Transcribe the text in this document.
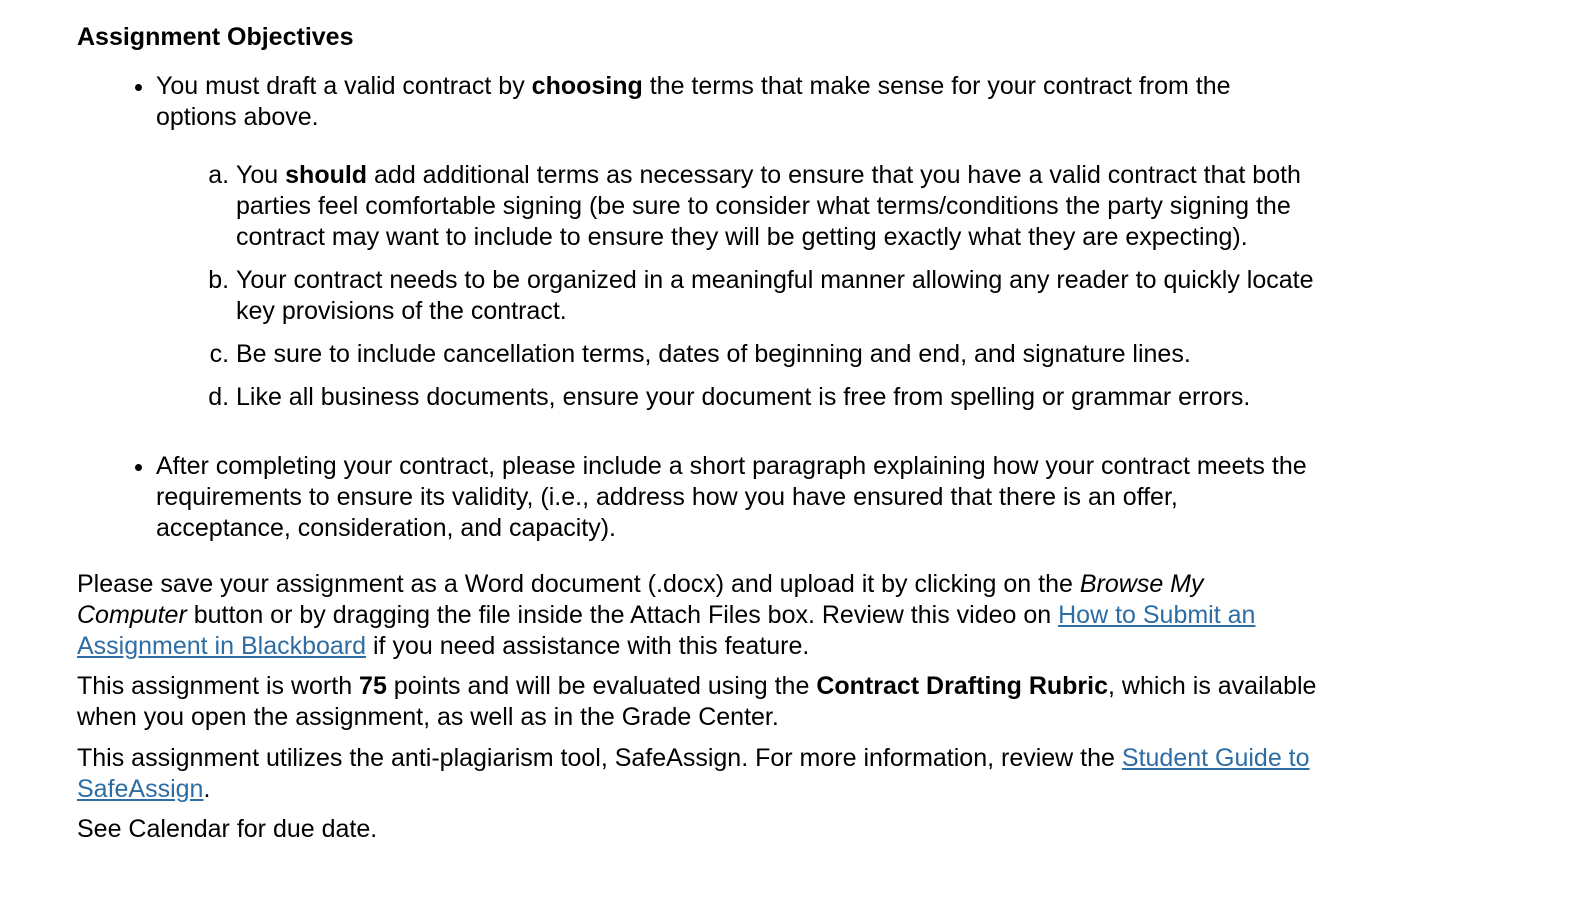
Assignment Objectives
• You must draft a valid contract by choosing the terms that make sense for your contract from the options above.
a. You should add additional terms as necessary to ensure that you have a valid contract that both parties feel comfortable signing (be sure to consider what terms/conditions the party signing the contract may want to include to ensure they will be getting exactly what they are expecting).
b. Your contract needs to be organized in a meaningful manner allowing any reader to quickly locate key provisions of the contract.
c. Be sure to include cancellation terms, dates of beginning and end, and signature lines.
d. Like all business documents, ensure your document is free from spelling or grammar errors.
• After completing your contract, please include a short paragraph explaining how your contract meets the requirements to ensure its validity, (i.e., address how you have ensured that there is an offer, acceptance, consideration, and capacity).

Please save your assignment as a Word document (.docx) and upload it by clicking on the Browse My Computer button or by dragging the file inside the Attach Files box. Review this video on How to Submit an Assignment in Blackboard if you need assistance with this feature.

This assignment is worth 75 points and will be evaluated using the Contract Drafting Rubric, which is available when you open the assignment, as well as in the Grade Center.

This assignment utilizes the anti-plagiarism tool, SafeAssign. For more information, review the Student Guide to SafeAssign.

See Calendar for due date.
